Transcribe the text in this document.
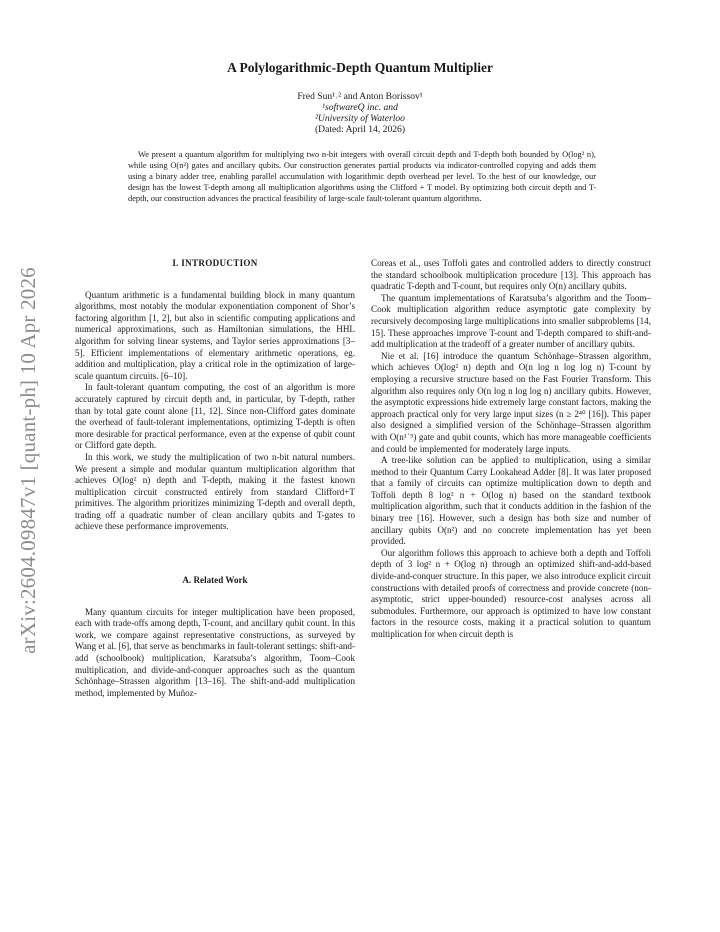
arXiv:2604.09847v1 [quant-ph] 10 Apr 2026
A Polylogarithmic-Depth Quantum Multiplier
Fred Sun¹˒² and Anton Borissov¹
¹softwareQ inc. and
²University of Waterloo
(Dated: April 14, 2026)
We present a quantum algorithm for multiplying two n-bit integers with overall circuit depth and T-depth both bounded by O(log² n), while using O(n²) gates and ancillary qubits. Our construction generates partial products via indicator-controlled copying and adds them using a binary adder tree, enabling parallel accumulation with logarithmic depth overhead per level. To the best of our knowledge, our design has the lowest T-depth among all multiplication algorithms using the Clifford + T model. By optimizing both circuit depth and T-depth, our construction advances the practical feasibility of large-scale fault-tolerant quantum algorithms.
I. INTRODUCTION

Quantum arithmetic is a fundamental building block in many quantum algorithms, most notably the modular exponentiation component of Shor’s factoring algorithm [1, 2], but also in scientific computing applications and numerical approximations, such as Hamiltonian simulations, the HHL algorithm for solving linear systems, and Taylor series approximations [3–5]. Efficient implementations of elementary arithmetic operations, eg. addition and multiplication, play a critical role in the optimization of large-scale quantum circuits. [6–10].

In fault-tolerant quantum computing, the cost of an algorithm is more accurately captured by circuit depth and, in particular, by T-depth, rather than by total gate count alone [11, 12]. Since non-Clifford gates dominate the overhead of fault-tolerant implementations, optimizing T-depth is often more desirable for practical performance, even at the expense of qubit count or Clifford gate depth.

In this work, we study the multiplication of two n-bit natural numbers. We present a simple and modular quantum multiplication algorithm that achieves O(log² n) depth and T-depth, making it the fastest known multiplication circuit constructed entirely from standard Clifford+T primitives. The algorithm prioritizes minimizing T-depth and overall depth, trading off a quadratic number of clean ancillary qubits and T-gates to achieve these performance improvements.

A. Related Work

Many quantum circuits for integer multiplication have been proposed, each with trade-offs among depth, T-count, and ancillary qubit count. In this work, we compare against representative constructions, as surveyed by Wang et al. [6], that serve as benchmarks in fault-tolerant settings: shift-and-add (schoolbook) multiplication, Karatsuba’s algorithm, Toom–Cook multiplication, and divide-and-conquer approaches such as the quantum Schönhage–Strassen algorithm [13–16]. The shift-and-add multiplication method, implemented by Muñoz-

Coreas et al., uses Toffoli gates and controlled adders to directly construct the standard schoolbook multiplication procedure [13]. This approach has quadratic T-depth and T-count, but requires only O(n) ancillary qubits.

The quantum implementations of Karatsuba’s algorithm and the Toom–Cook multiplication algorithm reduce asymptotic gate complexity by recursively decomposing large multiplications into smaller subproblems [14, 15]. These approaches improve T-count and T-depth compared to shift-and-add multiplication at the tradeoff of a greater number of ancillary qubits.

Nie et al. [16] introduce the quantum Schönhage–Strassen algorithm, which achieves O(log² n) depth and O(n log n log log n) T-count by employing a recursive structure based on the Fast Fourier Transform. This algorithm also requires only O(n log n log log n) ancillary qubits. However, the asymptotic expressions hide extremely large constant factors, making the approach practical only for very large input sizes (n ≥ 2⁴⁰ [16]). This paper also designed a simplified version of the Schönhage–Strassen algorithm with O(n¹˙⁵) gate and qubit counts, which has more manageable coefficients and could be implemented for moderately large inputs.

A tree-like solution can be applied to multiplication, using a similar method to their Quantum Carry Lookahead Adder [8]. It was later proposed that a family of circuits can optimize multiplication down to depth and Toffoli depth 8 log² n + O(log n) based on the standard textbook multiplication algorithm, such that it conducts addition in the fashion of the binary tree [16]. However, such a design has both size and number of ancillary qubits O(n²) and no concrete implementation has yet been provided.

Our algorithm follows this approach to achieve both a depth and Toffoli depth of 3 log² n + O(log n) through an optimized shift-and-add-based divide-and-conquer structure. In this paper, we also introduce explicit circuit constructions with detailed proofs of correctness and provide concrete (non-asymptotic, strict upper-bounded) resource-cost analyses across all submodules. Furthermore, our approach is optimized to have low constant factors in the resource costs, making it a practical solution to quantum multiplication for when circuit depth is
